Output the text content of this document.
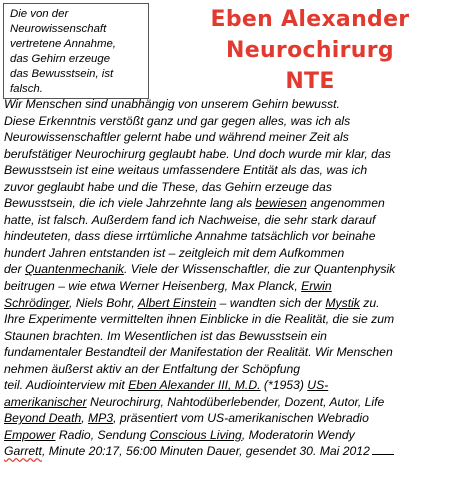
Die von der
Neurowissenschaft
vertretene Annahme,
das Gehirn erzeuge
das Bewusstsein, ist
falsch.
Eben Alexander
Neurochirurg
NTE
Wir Menschen sind unabhängig von unserem Gehirn bewusst.
Diese Erkenntnis verstößt ganz und gar gegen alles, was ich als
Neurowissenschaftler gelernt habe und während meiner Zeit als
berufstätiger Neurochirurg geglaubt habe. Und doch wurde mir klar, das
Bewusstsein ist eine weitaus umfassendere Entität als das, was ich
zuvor geglaubt habe und die These, das Gehirn erzeuge das
Bewusstsein, die ich viele Jahrzehnte lang als bewiesen angenommen
hatte, ist falsch. Außerdem fand ich Nachweise, die sehr stark darauf
hindeuteten, dass diese irrtümliche Annahme tatsächlich vor beinahe
hundert Jahren entstanden ist – zeitgleich mit dem Aufkommen
der Quantenmechanik. Viele der Wissenschaftler, die zur Quantenphysik
beitrugen – wie etwa Werner Heisenberg, Max Planck, Erwin
Schrödinger, Niels Bohr, Albert Einstein – wandten sich der Mystik zu.
Ihre Experimente vermittelten ihnen Einblicke in die Realität, die sie zum
Staunen brachten. Im Wesentlichen ist das Bewusstsein ein
fundamentaler Bestandteil der Manifestation der Realität. Wir Menschen
nehmen äußerst aktiv an der Entfaltung der Schöpfung
teil. Audiointerview mit Eben Alexander III, M.D. (*1953) US-
amerikanischer Neurochirurg, Nahtodüberlebender, Dozent, Autor, Life
Beyond Death, MP3, präsentiert vom US-amerikanischen Webradio
Empower Radio, Sendung Conscious Living, Moderatorin Wendy
Garrett, Minute 20:17, 56:00 Minuten Dauer, gesendet 30. Mai 2012
